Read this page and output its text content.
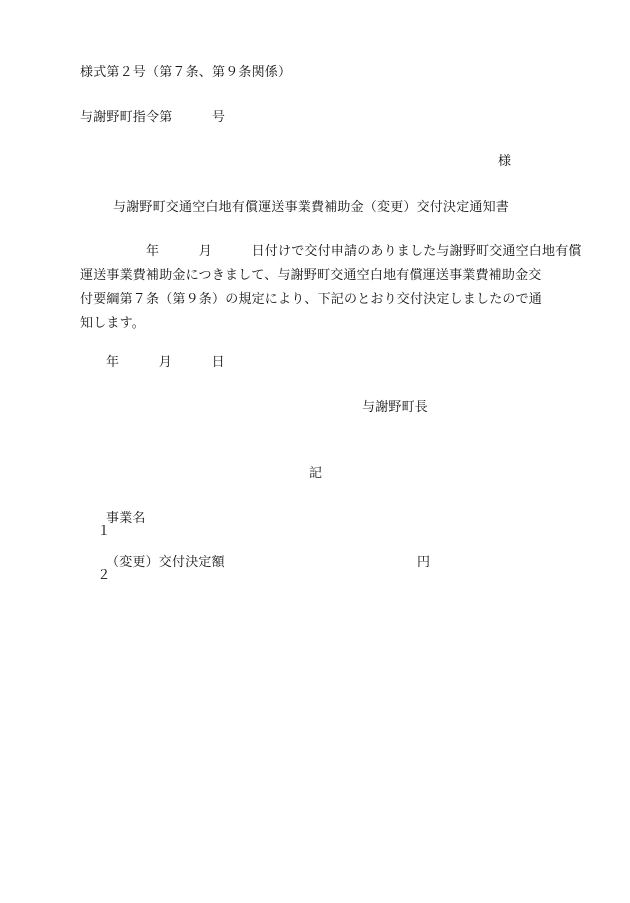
様式第２号（第７条、第９条関係）
与謝野町指令第　　　	号
様
与謝野町交通空白地有償運送事業費補助金（変更）交付決定通知書
　　　　　年　　　月　　　日付けで交付申請のありました与謝野町交通空白地有償
運送事業費補助金につきまして、与謝野町交通空白地有償運送事業費補助金交
付要綱第７条（第９条）の規定により、下記のとおり交付決定しましたので通
知します。
年　　　月　　　日
与謝野町長
記

１

事業名

２

（変更）交付決定額

	円
